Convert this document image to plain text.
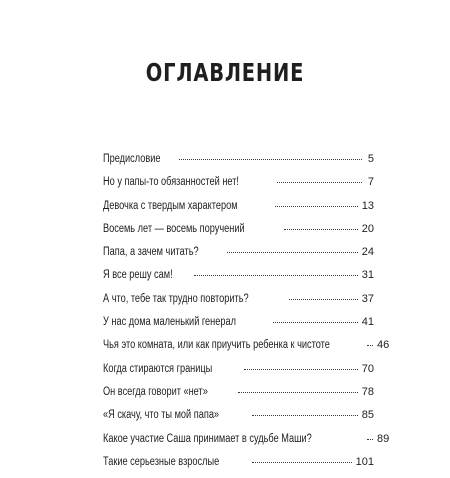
ОГЛАВЛЕНИЕ
Предисловие	5
Но у папы-то обязанностей нет!	7
Девочка с твердым характером	13
Восемь лет — восемь поручений	20
Папа, а зачем читать?	24
Я все решу сам!	31
А что, тебе так трудно повторить?	37
У нас дома маленький генерал	41
Чья это комната, или как приучить ребенка к чистоте	46
Когда стираются границы	70
Он всегда говорит «нет»	78
«Я скачу, что ты мой папа»	85
Какое участие Саша принимает в судьбе Маши?	89
Такие серьезные взрослые	101
